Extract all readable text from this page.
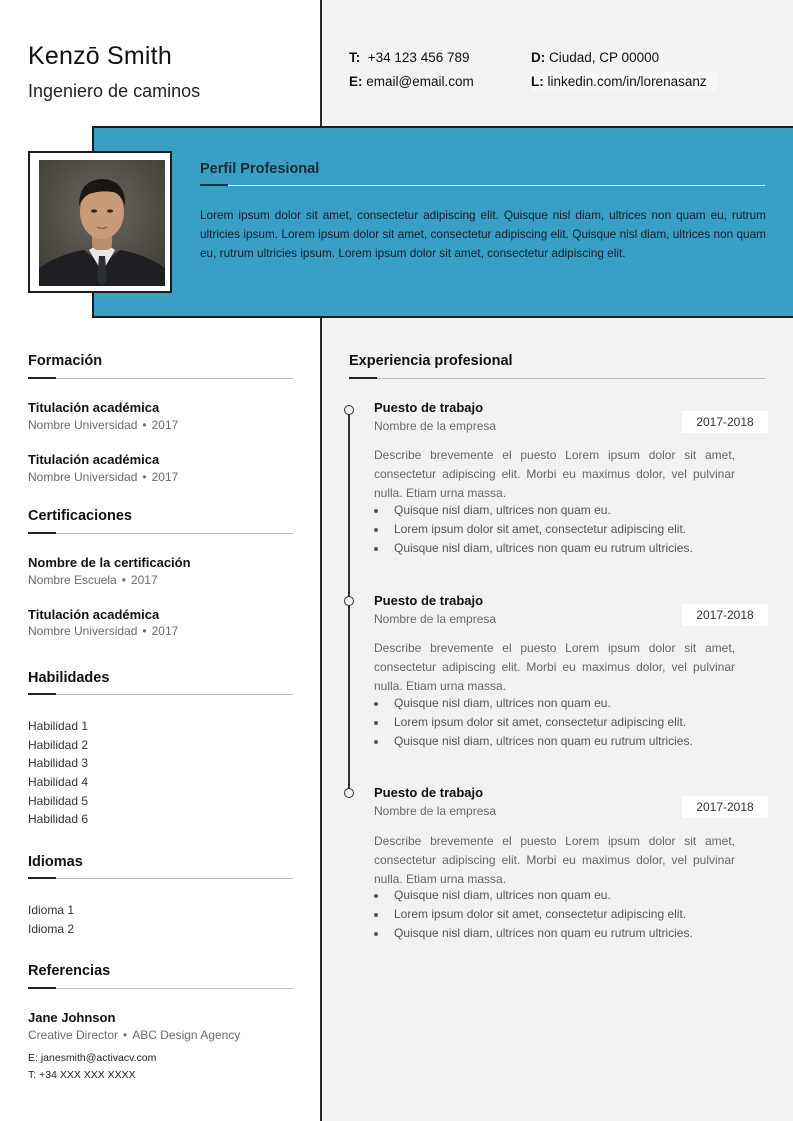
Kenzō Smith
Ingeniero de caminos
T: +34 123 456 789
E: email@email.com
D: Ciudad, CP 00000
L: linkedin.com/in/lorenasanz
Perfil Profesional
Lorem ipsum dolor sit amet, consectetur adipiscing elit. Quisque nisl diam, ultrices non quam eu, rutrum ultricies ipsum. Lorem ipsum dolor sit amet, consectetur adipiscing elit. Quisque nisl diam, ultrices non quam eu, rutrum ultricies ipsum. Lorem ipsum dolor sit amet, consectetur adipiscing elit.
Formación
Titulación académica
Nombre Universidad • 2017
Titulación académica
Nombre Universidad • 2017
Certificaciones
Nombre de la certificación
Nombre Escuela • 2017
Titulación académica
Nombre Universidad • 2017
Habilidades
Habilidad 1
Habilidad 2
Habilidad 3
Habilidad 4
Habilidad 5
Habilidad 6
Idiomas
Idioma 1
Idioma 2
Referencias
Jane Johnson
Creative Director • ABC Design Agency
E: janesmith@activacv.com
T: +34 XXX XXX XXXX
Experiencia profesional
Puesto de trabajo
Nombre de la empresa	2017-2018
Describe brevemente el puesto Lorem ipsum dolor sit amet, consectetur adipiscing elit. Morbi eu maximus dolor, vel pulvinar nulla. Etiam urna massa.
Quisque nisl diam, ultrices non quam eu.
Lorem ipsum dolor sit amet, consectetur adipiscing elit.
Quisque nisl diam, ultrices non quam eu rutrum ultricies.
Puesto de trabajo
Nombre de la empresa	2017-2018
Describe brevemente el puesto Lorem ipsum dolor sit amet, consectetur adipiscing elit. Morbi eu maximus dolor, vel pulvinar nulla. Etiam urna massa.
Quisque nisl diam, ultrices non quam eu.
Lorem ipsum dolor sit amet, consectetur adipiscing elit.
Quisque nisl diam, ultrices non quam eu rutrum ultricies.
Puesto de trabajo
Nombre de la empresa	2017-2018
Describe brevemente el puesto Lorem ipsum dolor sit amet, consectetur adipiscing elit. Morbi eu maximus dolor, vel pulvinar nulla. Etiam urna massa.
Quisque nisl diam, ultrices non quam eu.
Lorem ipsum dolor sit amet, consectetur adipiscing elit.
Quisque nisl diam, ultrices non quam eu rutrum ultricies.
